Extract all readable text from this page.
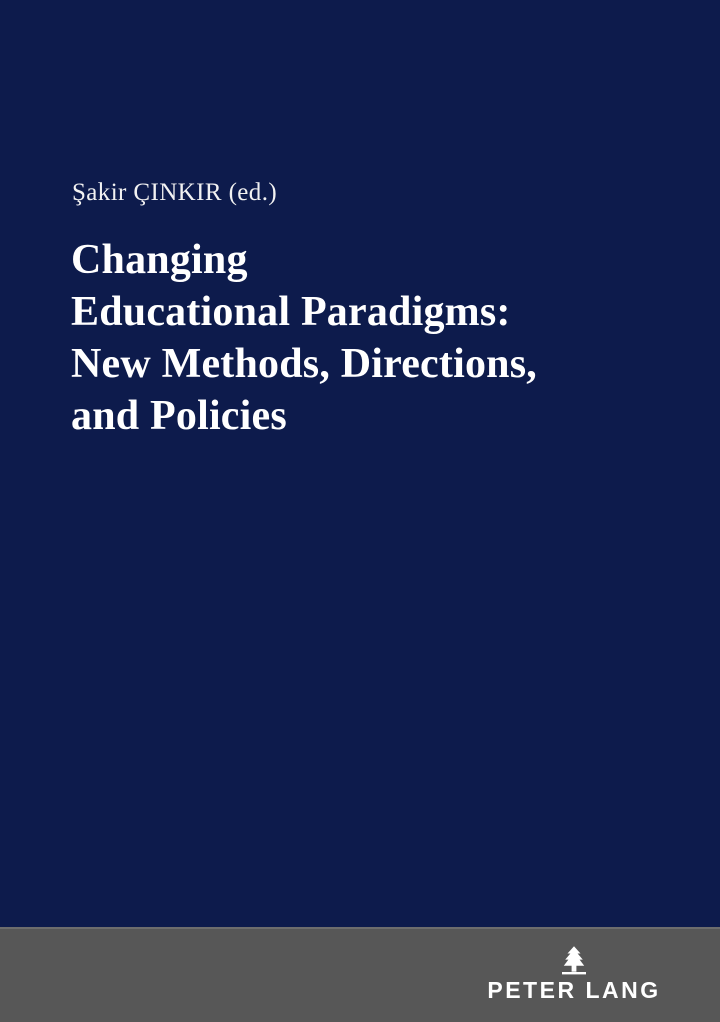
Şakir ÇINKIR (ed.)
Changing
Educational Paradigms:
New Methods, Directions,
and Policies
PETER LANG
